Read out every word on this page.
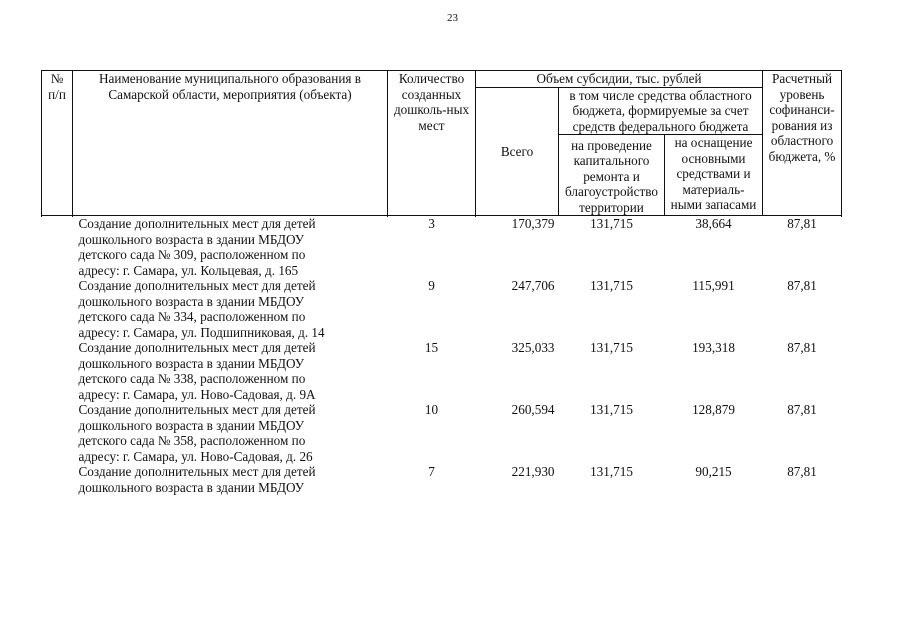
23
№ п/п	Наименование муниципального образования в Самарской области, мероприятия (объекта)	Количество созданных дошколь-ных мест	Объем субсидии, тыс. рублей			Расчетный уровень софинанси-рования из областного бюджета, %
			Всего	в том числе средства областного бюджета, формируемые за счет средств федерального бюджета		
				на проведение капитального ремонта и благоустройство территории	на оснащение основными средствами и материаль-ными запасами	

	Создание дополнительных мест для детей дошкольного возраста в здании МБДОУ детского сада № 309, расположенном по адресу: г. Самара, ул. Кольцевая, д. 165	3	170,379	131,715	38,664	87,81
	Создание дополнительных мест для детей дошкольного возраста в здании МБДОУ детского сада № 334, расположенном по адресу: г. Самара, ул. Подшипниковая, д. 14	9	247,706	131,715	115,991	87,81
	Создание дополнительных мест для детей дошкольного возраста в здании МБДОУ детского сада № 338, расположенном по адресу: г. Самара, ул. Ново-Садовая, д. 9А	15	325,033	131,715	193,318	87,81
	Создание дополнительных мест для детей дошкольного возраста в здании МБДОУ детского сада № 358, расположенном по адресу: г. Самара, ул. Ново-Садовая, д. 26	10	260,594	131,715	128,879	87,81
	Создание дополнительных мест для детей дошкольного возраста в здании МБДОУ	7	221,930	131,715	90,215	87,81
